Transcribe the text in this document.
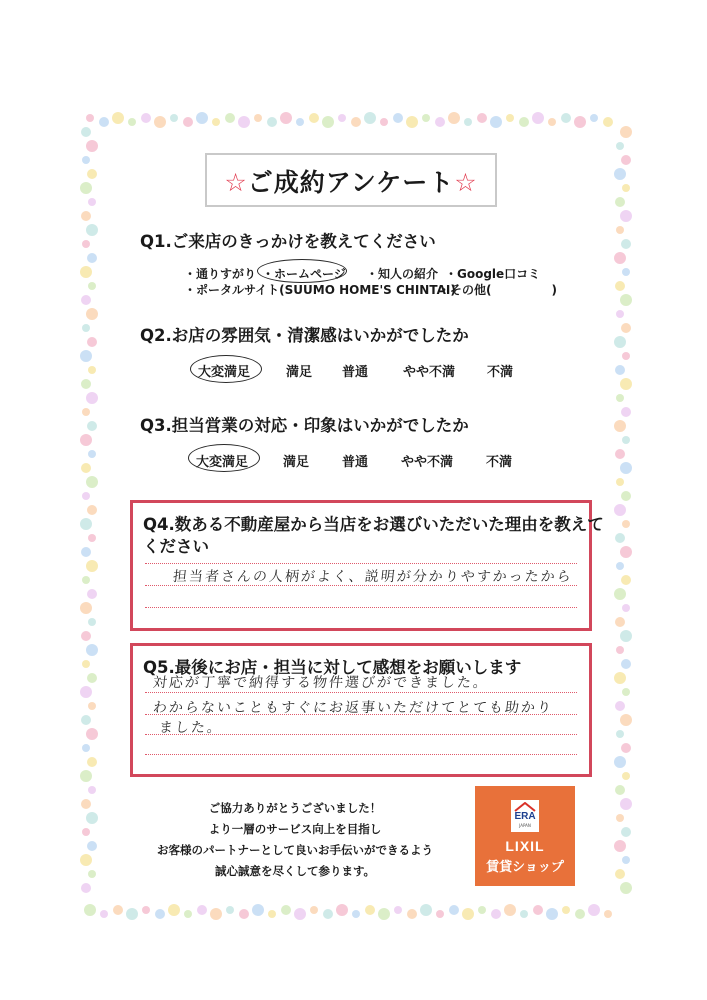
☆ご成約アンケート☆
Q1.ご来店のきっかけを教えてください
・通りすがり ・ホームページ ・知人の紹介 ・Google口コミ
・ポータルサイト(SUUMO HOME'S CHINTAI)
・その他(　　　　　)
Q2.お店の雰囲気・清潔感はいかがでしたか
大変満足	満足 普通	やや不満 不満
Q3.担当営業の対応・印象はいかがでしたか
大変満足	満足	普通	やや不満	不満
Q4.数ある不動産屋から当店をお選びいただいた理由を教えて
ください
担当者さんの人柄がよく、説明が分かりやすかったから
Q5.最後にお店・担当に対して感想をお願いします
対応が丁寧で納得する物件選びができました。
わからないこともすぐにお返事いただけてとても助かり
ました。
ご協力ありがとうございました！
より一層のサービス向上を目指し
お客様のパートナーとして良いお手伝いができるよう
誠心誠意を尽くして参ります。
ERA
JAPAN
LIXIL
賃貸ショップ
